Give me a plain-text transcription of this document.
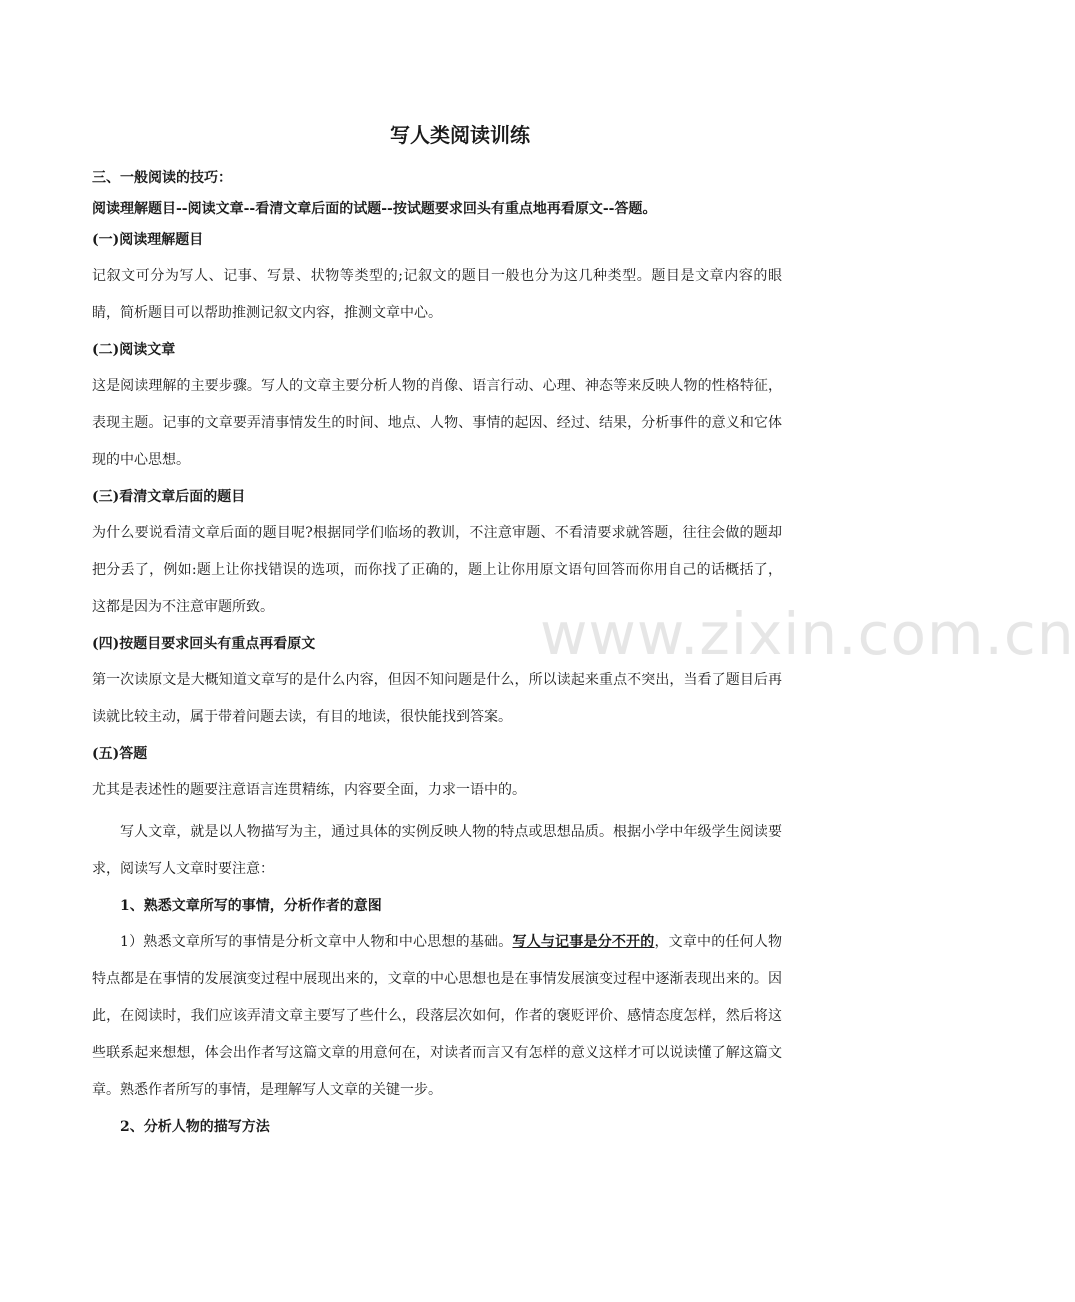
www.zixin.com.cn
写人类阅读训练

三、一般阅读的技巧：

阅读理解题目--阅读文章--看清文章后面的试题--按试题要求回头有重点地再看原文--答题。

(一)阅读理解题目

记叙文可分为写人、记事、写景、状物等类型的;记叙文的题目一般也分为这几种类型。题目是文章内容的眼睛，简析题目可以帮助推测记叙文内容，推测文章中心。

(二)阅读文章

这是阅读理解的主要步骤。写人的文章主要分析人物的肖像、语言行动、心理、神态等来反映人物的性格特征，表现主题。记事的文章要弄清事情发生的时间、地点、人物、事情的起因、经过、结果，分析事件的意义和它体现的中心思想。

(三)看清文章后面的题目

为什么要说看清文章后面的题目呢?根据同学们临场的教训，不注意审题、不看清要求就答题，往往会做的题却把分丢了，例如:题上让你找错误的选项，而你找了正确的，题上让你用原文语句回答而你用自己的话概括了，这都是因为不注意审题所致。

(四)按题目要求回头有重点再看原文

第一次读原文是大概知道文章写的是什么内容，但因不知问题是什么，所以读起来重点不突出，当看了题目后再读就比较主动，属于带着问题去读，有目的地读，很快能找到答案。

(五)答题

尤其是表述性的题要注意语言连贯精练，内容要全面，力求一语中的。

写人文章，就是以人物描写为主，通过具体的实例反映人物的特点或思想品质。根据小学中年级学生阅读要求，阅读写人文章时要注意：

1、熟悉文章所写的事情，分析作者的意图

1）熟悉文章所写的事情是分析文章中人物和中心思想的基础。写人与记事是分不开的，文章中的任何人物特点都是在事情的发展演变过程中展现出来的，文章的中心思想也是在事情发展演变过程中逐渐表现出来的。因此，在阅读时，我们应该弄清文章主要写了些什么，段落层次如何，作者的褒贬评价、感情态度怎样，然后将这些联系起来想想，体会出作者写这篇文章的用意何在，对读者而言又有怎样的意义这样才可以说读懂了解这篇文章。熟悉作者所写的事情，是理解写人文章的关键一步。

2、分析人物的描写方法
